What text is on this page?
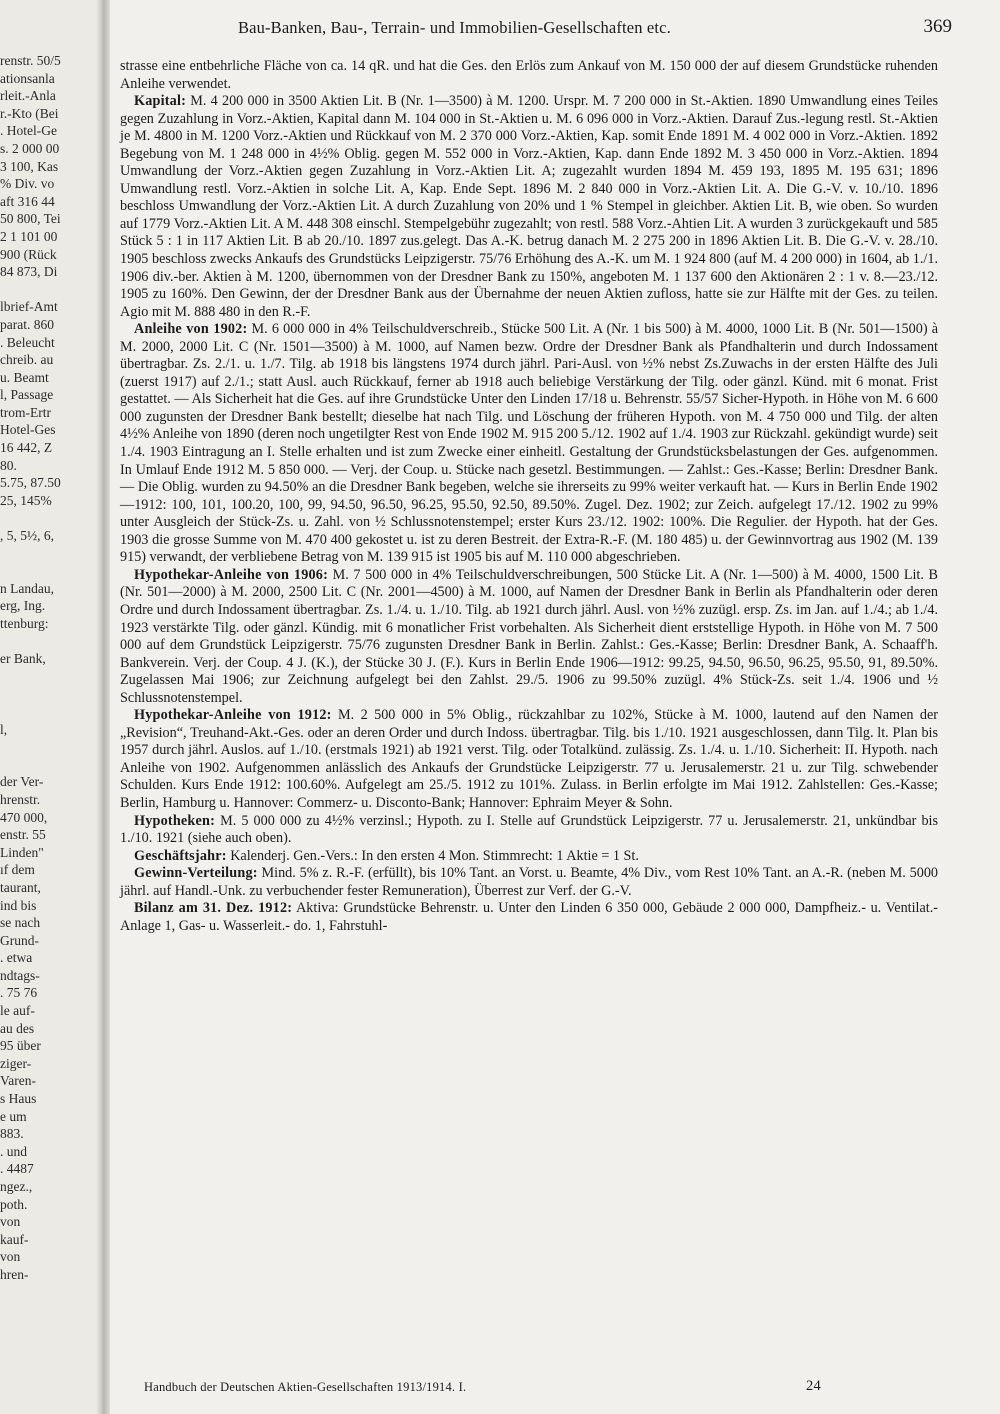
renstr. 50/5
ationsanla
rleit.-Anla
r.-Kto (Bei
. Hotel-Ge
s. 2 000 00
3 100, Kas
% Div. vo
aft 316 44
50 800, Tei
2 1 101 00
900 (Rück
84 873, Di
lbrief-Amt
parat. 860
. Beleucht
chreib. au
u. Beamt
l, Passage
trom-Ertr
Hotel-Ges
16 442, Z
80.
5.75, 87.50
25, 145%
, 5, 5½, 6,
n Landau,
erg, Ing.
ttenburg:
er Bank,
l,
der Ver-
hrenstr.
470 000,
enstr. 55
Linden"
ıf dem
taurant,
ind bis
se nach
Grund-
. etwa
ndtags-
. 75 76
le auf-
au des
95 über
ziger-
Varen-
s Haus
e um
883.
. und
. 4487
ngez.,
poth.
von
kauf-
von
hren-
Bau-Banken, Bau-, Terrain- und Immobilien-Gesellschaften etc.	369

strasse eine entbehrliche Fläche von ca. 14 qR. und hat die Ges. den Erlös zum Ankauf von M. 150 000 der auf diesem Grundstücke ruhenden Anleihe verwendet.

Kapital: M. 4 200 000 in 3500 Aktien Lit. B (Nr. 1—3500) à M. 1200. Urspr. M. 7 200 000 in St.-Aktien. 1890 Umwandlung eines Teiles gegen Zuzahlung in Vorz.-Aktien, Kapital dann M. 104 000 in St.-Aktien u. M. 6 096 000 in Vorz.-Aktien. Darauf Zus.-legung restl. St.-Aktien je M. 4800 in M. 1200 Vorz.-Aktien und Rückkauf von M. 2 370 000 Vorz.-Aktien, Kap. somit Ende 1891 M. 4 002 000 in Vorz.-Aktien. 1892 Begebung von M. 1 248 000 in 4½% Oblig. gegen M. 552 000 in Vorz.-Aktien, Kap. dann Ende 1892 M. 3 450 000 in Vorz.-Aktien. 1894 Umwandlung der Vorz.-Aktien gegen Zuzahlung in Vorz.-Aktien Lit. A; zugezahlt wurden 1894 M. 459 193, 1895 M. 195 631; 1896 Umwandlung restl. Vorz.-Aktien in solche Lit. A, Kap. Ende Sept. 1896 M. 2 840 000 in Vorz.-Aktien Lit. A. Die G.-V. v. 10./10. 1896 beschloss Umwandlung der Vorz.-Aktien Lit. A durch Zuzahlung von 20% und 1 % Stempel in gleichber. Aktien Lit. B, wie oben. So wurden auf 1779 Vorz.-Aktien Lit. A M. 448 308 einschl. Stempelgebühr zugezahlt; von restl. 588 Vorz.-Ahtien Lit. A wurden 3 zurückgekauft und 585 Stück 5 : 1 in 117 Aktien Lit. B ab 20./10. 1897 zus.gelegt. Das A.-K. betrug danach M. 2 275 200 in 1896 Aktien Lit. B. Die G.-V. v. 28./10. 1905 beschloss zwecks Ankaufs des Grundstücks Leipzigerstr. 75/76 Erhöhung des A.-K. um M. 1 924 800 (auf M. 4 200 000) in 1604, ab 1./1. 1906 div.-ber. Aktien à M. 1200, übernommen von der Dresdner Bank zu 150%, angeboten M. 1 137 600 den Aktionären 2 : 1 v. 8.—23./12. 1905 zu 160%. Den Gewinn, der der Dresdner Bank aus der Übernahme der neuen Aktien zufloss, hatte sie zur Hälfte mit der Ges. zu teilen. Agio mit M. 888 480 in den R.-F.

Anleihe von 1902: M. 6 000 000 in 4% Teilschuldverschreib., Stücke 500 Lit. A (Nr. 1 bis 500) à M. 4000, 1000 Lit. B (Nr. 501—1500) à M. 2000, 2000 Lit. C (Nr. 1501—3500) à M. 1000, auf Namen bezw. Ordre der Dresdner Bank als Pfandhalterin und durch Indossament übertragbar. Zs. 2./1. u. 1./7. Tilg. ab 1918 bis längstens 1974 durch jährl. Pari-Ausl. von ½% nebst Zs.Zuwachs in der ersten Hälfte des Juli (zuerst 1917) auf 2./1.; statt Ausl. auch Rückkauf, ferner ab 1918 auch beliebige Verstärkung der Tilg. oder gänzl. Künd. mit 6 monat. Frist gestattet. — Als Sicherheit hat die Ges. auf ihre Grundstücke Unter den Linden 17/18 u. Behrenstr. 55/57 Sicher-Hypoth. in Höhe von M. 6 600 000 zugunsten der Dresdner Bank bestellt; dieselbe hat nach Tilg. und Löschung der früheren Hypoth. von M. 4 750 000 und Tilg. der alten 4½% Anleihe von 1890 (deren noch ungetilgter Rest von Ende 1902 M. 915 200 5./12. 1902 auf 1./4. 1903 zur Rückzahl. gekündigt wurde) seit 1./4. 1903 Eintragung an I. Stelle erhalten und ist zum Zwecke einer einheitl. Gestaltung der Grundstücksbelastungen der Ges. aufgenommen. In Umlauf Ende 1912 M. 5 850 000. — Verj. der Coup. u. Stücke nach gesetzl. Bestimmungen. — Zahlst.: Ges.-Kasse; Berlin: Dresdner Bank. — Die Oblig. wurden zu 94.50% an die Dresdner Bank begeben, welche sie ihrerseits zu 99% weiter verkauft hat. — Kurs in Berlin Ende 1902—1912: 100, 101, 100.20, 100, 99, 94.50, 96.50, 96.25, 95.50, 92.50, 89.50%. Zugel. Dez. 1902; zur Zeich. aufgelegt 17./12. 1902 zu 99% unter Ausgleich der Stück-Zs. u. Zahl. von ½ Schlussnotenstempel; erster Kurs 23./12. 1902: 100%. Die Regulier. der Hypoth. hat der Ges. 1903 die grosse Summe von M. 470 400 gekostet u. ist zu deren Bestreit. der Extra-R.-F. (M. 180 485) u. der Gewinnvortrag aus 1902 (M. 139 915) verwandt, der verbliebene Betrag von M. 139 915 ist 1905 bis auf M. 110 000 abgeschrieben.

Hypothekar-Anleihe von 1906: M. 7 500 000 in 4% Teilschuldverschreibungen, 500 Stücke Lit. A (Nr. 1—500) à M. 4000, 1500 Lit. B (Nr. 501—2000) à M. 2000, 2500 Lit. C (Nr. 2001—4500) à M. 1000, auf Namen der Dresdner Bank in Berlin als Pfandhalterin oder deren Ordre und durch Indossament übertragbar. Zs. 1./4. u. 1./10. Tilg. ab 1921 durch jährl. Ausl. von ½% zuzügl. ersp. Zs. im Jan. auf 1./4.; ab 1./4. 1923 verstärkte Tilg. oder gänzl. Kündig. mit 6 monatlicher Frist vorbehalten. Als Sicherheit dient erststellige Hypoth. in Höhe von M. 7 500 000 auf dem Grundstück Leipzigerstr. 75/76 zugunsten Dresdner Bank in Berlin. Zahlst.: Ges.-Kasse; Berlin: Dresdner Bank, A. Schaaff'h. Bankverein. Verj. der Coup. 4 J. (K.), der Stücke 30 J. (F.). Kurs in Berlin Ende 1906—1912: 99.25, 94.50, 96.50, 96.25, 95.50, 91, 89.50%. Zugelassen Mai 1906; zur Zeichnung aufgelegt bei den Zahlst. 29./5. 1906 zu 99.50% zuzügl. 4% Stück-Zs. seit 1./4. 1906 und ½ Schlussnotenstempel.

Hypothekar-Anleihe von 1912: M. 2 500 000 in 5% Oblig., rückzahlbar zu 102%, Stücke à M. 1000, lautend auf den Namen der „Revision“, Treuhand-Akt.-Ges. oder an deren Order und durch Indoss. übertragbar. Tilg. bis 1./10. 1921 ausgeschlossen, dann Tilg. lt. Plan bis 1957 durch jährl. Auslos. auf 1./10. (erstmals 1921) ab 1921 verst. Tilg. oder Totalkünd. zulässig. Zs. 1./4. u. 1./10. Sicherheit: II. Hypoth. nach Anleihe von 1902. Aufgenommen anlässlich des Ankaufs der Grundstücke Leipzigerstr. 77 u. Jerusalemerstr. 21 u. zur Tilg. schwebender Schulden. Kurs Ende 1912: 100.60%. Aufgelegt am 25./5. 1912 zu 101%. Zulass. in Berlin erfolgte im Mai 1912. Zahlstellen: Ges.-Kasse; Berlin, Hamburg u. Hannover: Commerz- u. Disconto-Bank; Hannover: Ephraim Meyer & Sohn.

Hypotheken: M. 5 000 000 zu 4½% verzinsl.; Hypoth. zu I. Stelle auf Grundstück Leipzigerstr. 77 u. Jerusalemerstr. 21, unkündbar bis 1./10. 1921 (siehe auch oben).

Geschäftsjahr: Kalenderj. Gen.-Vers.: In den ersten 4 Mon. Stimmrecht: 1 Aktie = 1 St.

Gewinn-Verteilung: Mind. 5% z. R.-F. (erfüllt), bis 10% Tant. an Vorst. u. Beamte, 4% Div., vom Rest 10% Tant. an A.-R. (neben M. 5000 jährl. auf Handl.-Unk. zu verbuchender fester Remuneration), Überrest zur Verf. der G.-V.

Bilanz am 31. Dez. 1912: Aktiva: Grundstücke Behrenstr. u. Unter den Linden 6 350 000, Gebäude 2 000 000, Dampfheiz.- u. Ventilat.-Anlage 1, Gas- u. Wasserleit.- do. 1, Fahrstuhl-

Handbuch der Deutschen Aktien-Gesellschaften 1913/1914. I.	24
